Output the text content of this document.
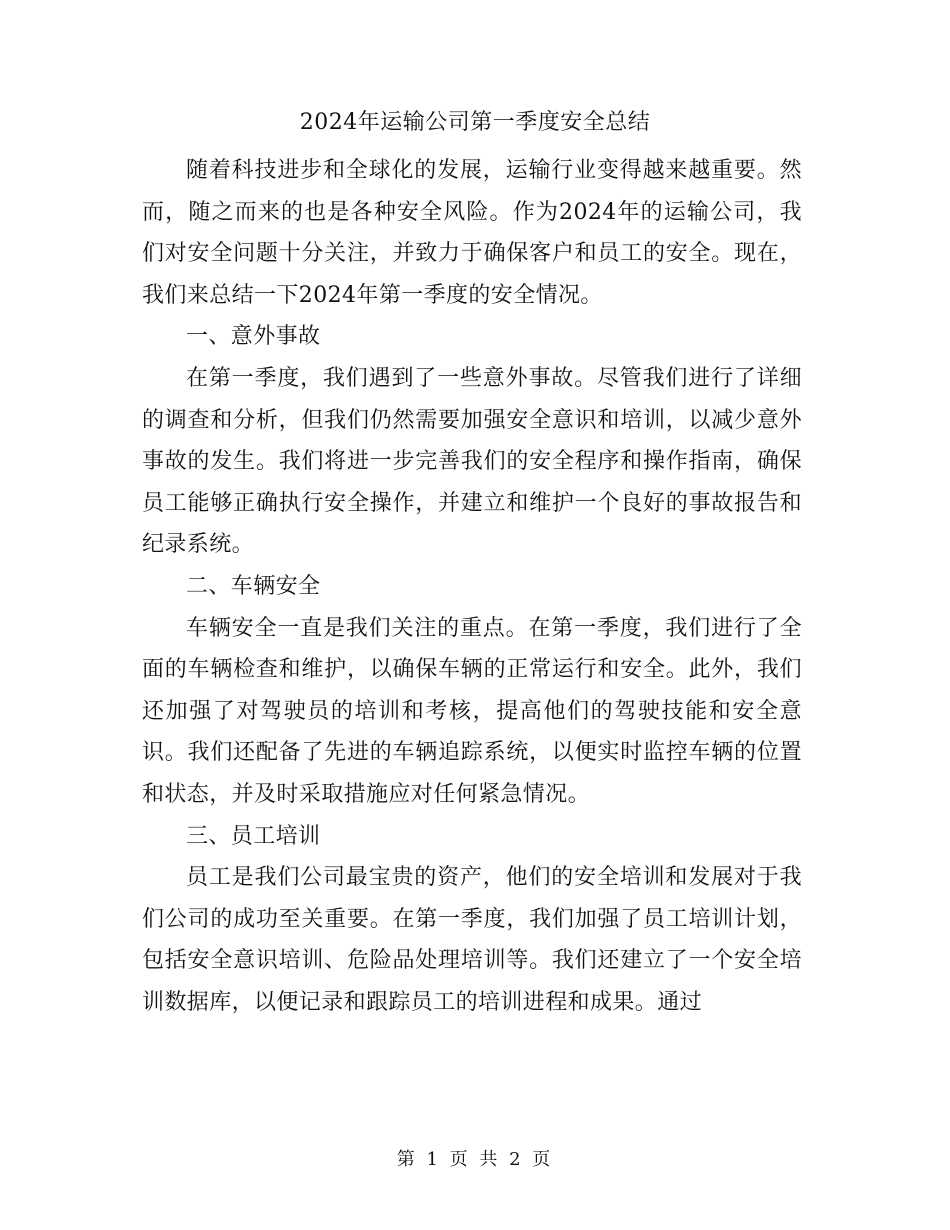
2024年运输公司第一季度安全总结

随着科技进步和全球化的发展，运输行业变得越来越重要。然而，随之而来的也是各种安全风险。作为2024年的运输公司，我们对安全问题十分关注，并致力于确保客户和员工的安全。现在，我们来总结一下2024年第一季度的安全情况。

一、意外事故

在第一季度，我们遇到了一些意外事故。尽管我们进行了详细的调查和分析，但我们仍然需要加强安全意识和培训，以减少意外事故的发生。我们将进一步完善我们的安全程序和操作指南，确保员工能够正确执行安全操作，并建立和维护一个良好的事故报告和纪录系统。

二、车辆安全

车辆安全一直是我们关注的重点。在第一季度，我们进行了全面的车辆检查和维护，以确保车辆的正常运行和安全。此外，我们还加强了对驾驶员的培训和考核，提高他们的驾驶技能和安全意识。我们还配备了先进的车辆追踪系统，以便实时监控车辆的位置和状态，并及时采取措施应对任何紧急情况。

三、员工培训

员工是我们公司最宝贵的资产，他们的安全培训和发展对于我们公司的成功至关重要。在第一季度，我们加强了员工培训计划，包括安全意识培训、危险品处理培训等。我们还建立了一个安全培训数据库，以便记录和跟踪员工的培训进程和成果。通过

第 1 页 共 2 页
